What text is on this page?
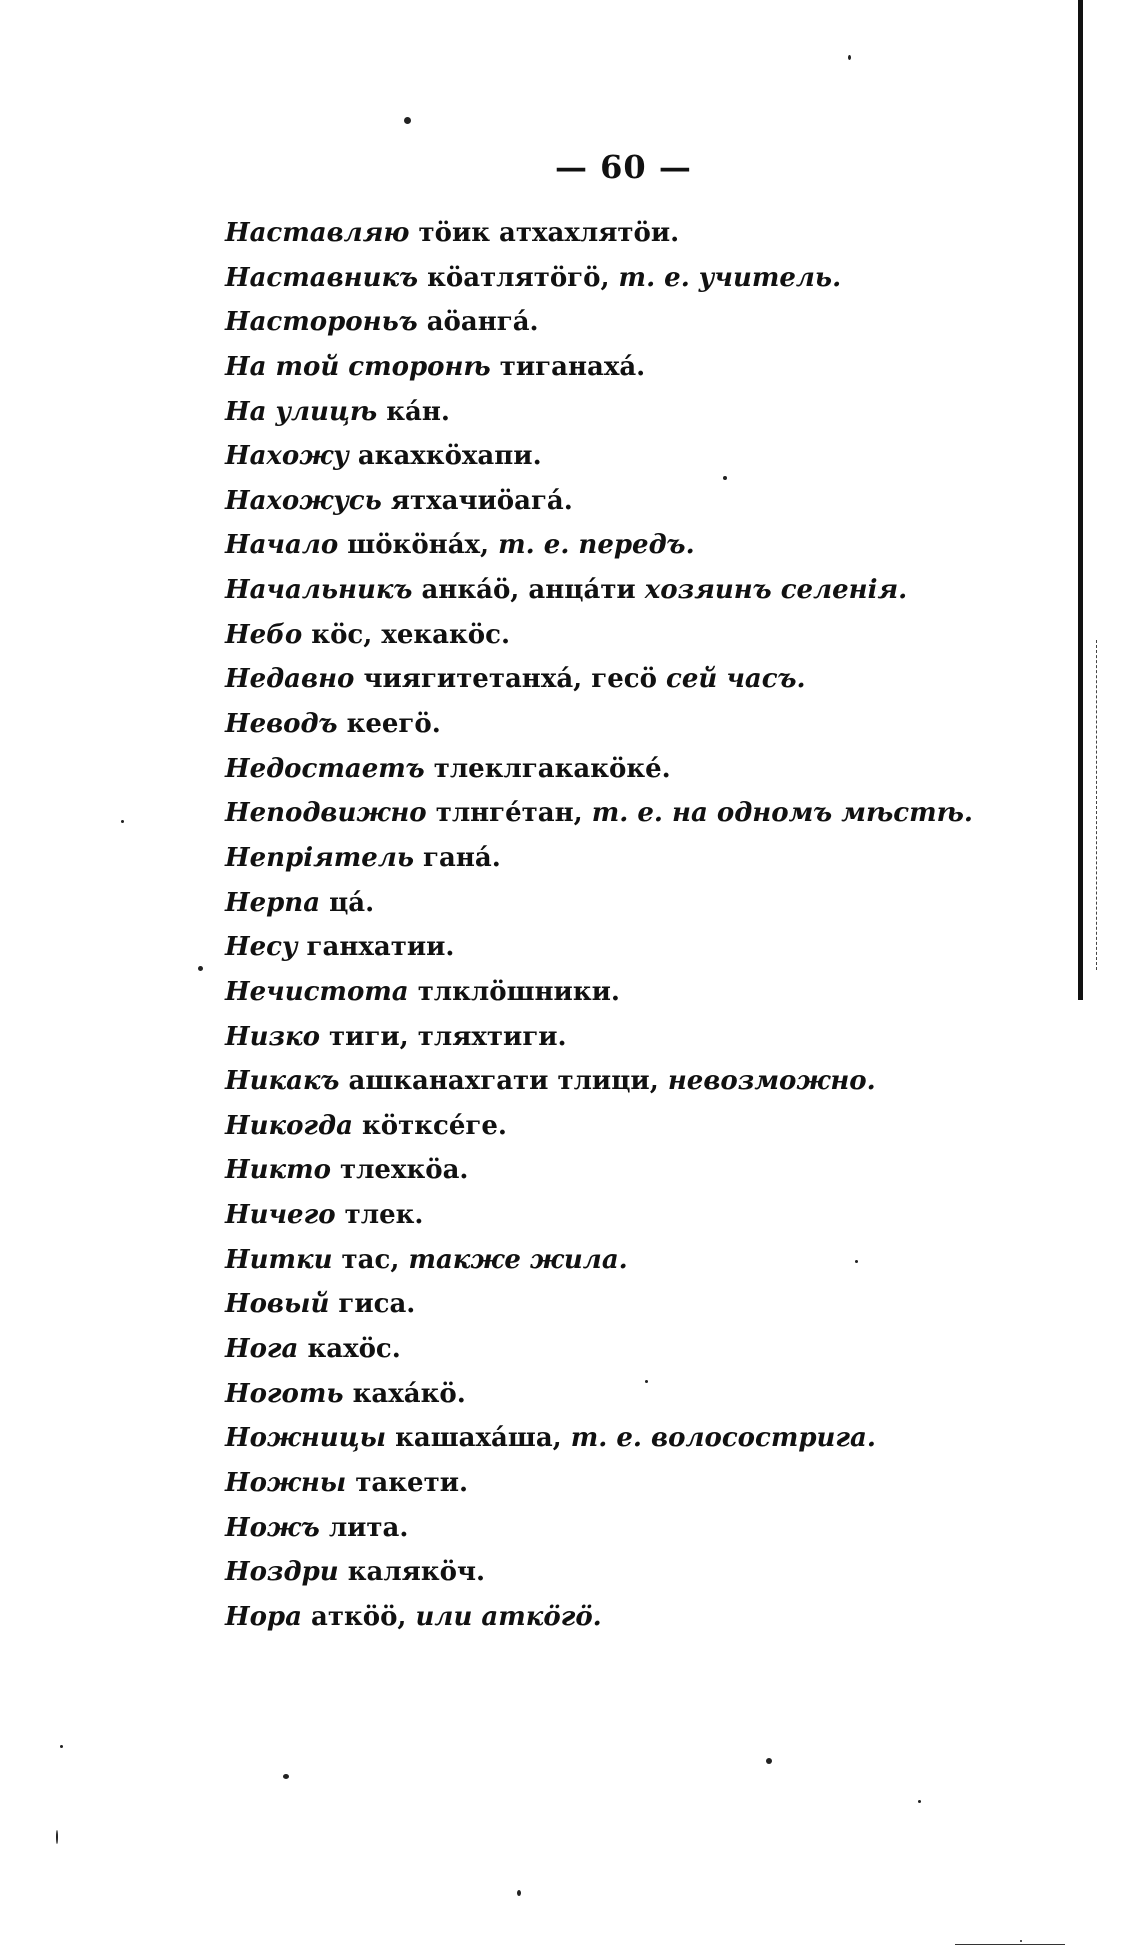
— 60 —
Наставляю тӧик атхахлятӧи.
Наставникъ кӧатлятӧгӧ, т. е. учитель.
Настороньъ аӧангá.
На той сторонѣ тиганахá.
На улицѣ кáн.
Нахожу акахкӧхапи.
Нахожусь ятхачиӧагá.
Начало шӧкӧнáх, т. е. передъ.
Начальникъ анкáӧ, анцáти хозяинъ селенія.
Небо кӧс, хекакӧс.
Недавно чиягитетанхá, гесӧ сей часъ.
Неводъ кеегӧ.
Недостаетъ тлеклгакакӧкé.
Неподвижно тлнгéтан, т. е. на одномъ мѣстѣ.
Непріятель ганá.
Нерпа цá.
Несу ганхатии.
Нечистота тлклӧшники.
Низко тиги, тляхтиги.
Никакъ ашканахгати тлици, невозможно.
Никогда кӧтксéге.
Никто тлехкӧа.
Ничего тлек.
Нитки тас, также жила.
Новый гиса.
Нога кахӧс.
Ноготь кахáкӧ.
Ножницы кашахáша, т. е. волосострига.
Ножны такети.
Ножъ лита.
Ноздри калякӧч.
Нора аткӧӧ, или аткӧгӧ.
